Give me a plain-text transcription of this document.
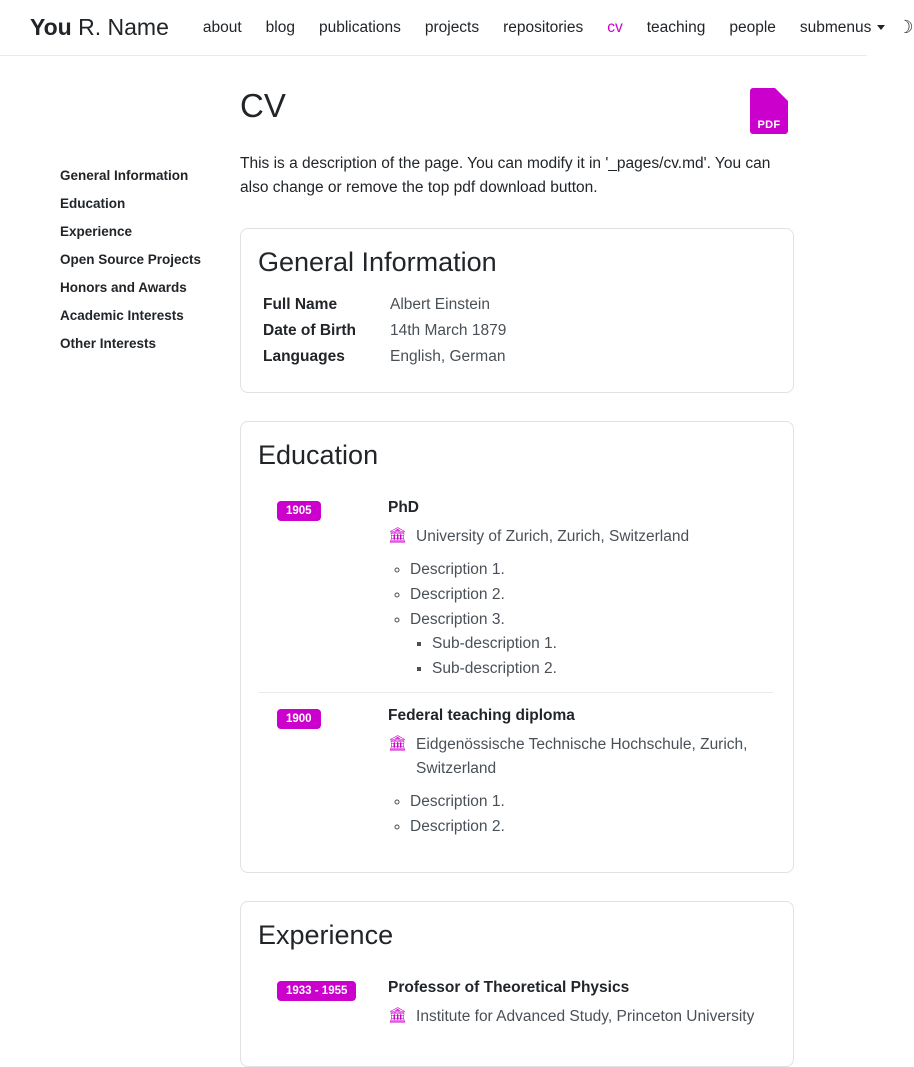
You R. Name	about	blog	publications	projects	repositories	cv	teaching	people	submenus	☽
General Information
Education
Experience
Open Source Projects
Honors and Awards
Academic Interests
Other Interests
CV
PDF

This is a description of the page. You can modify it in '_pages/cv.md'. You can also change or remove the top pdf download button.

General Information
Full Name	Albert Einstein
Date of Birth	14th March 1879
Languages	English, German
Education
1905	PhD
🏛 University of Zurich, Zurich, Switzerland
◦ Description 1.
◦ Description 2.
◦ Description 3.
▪ Sub-description 1.
▪ Sub-description 2.
1900	Federal teaching diploma
🏛 Eidgenössische Technische Hochschule, Zurich, Switzerland
◦ Description 1.
◦ Description 2.
Experience
1933 - 1955	Professor of Theoretical Physics
🏛 Institute for Advanced Study, Princeton University
